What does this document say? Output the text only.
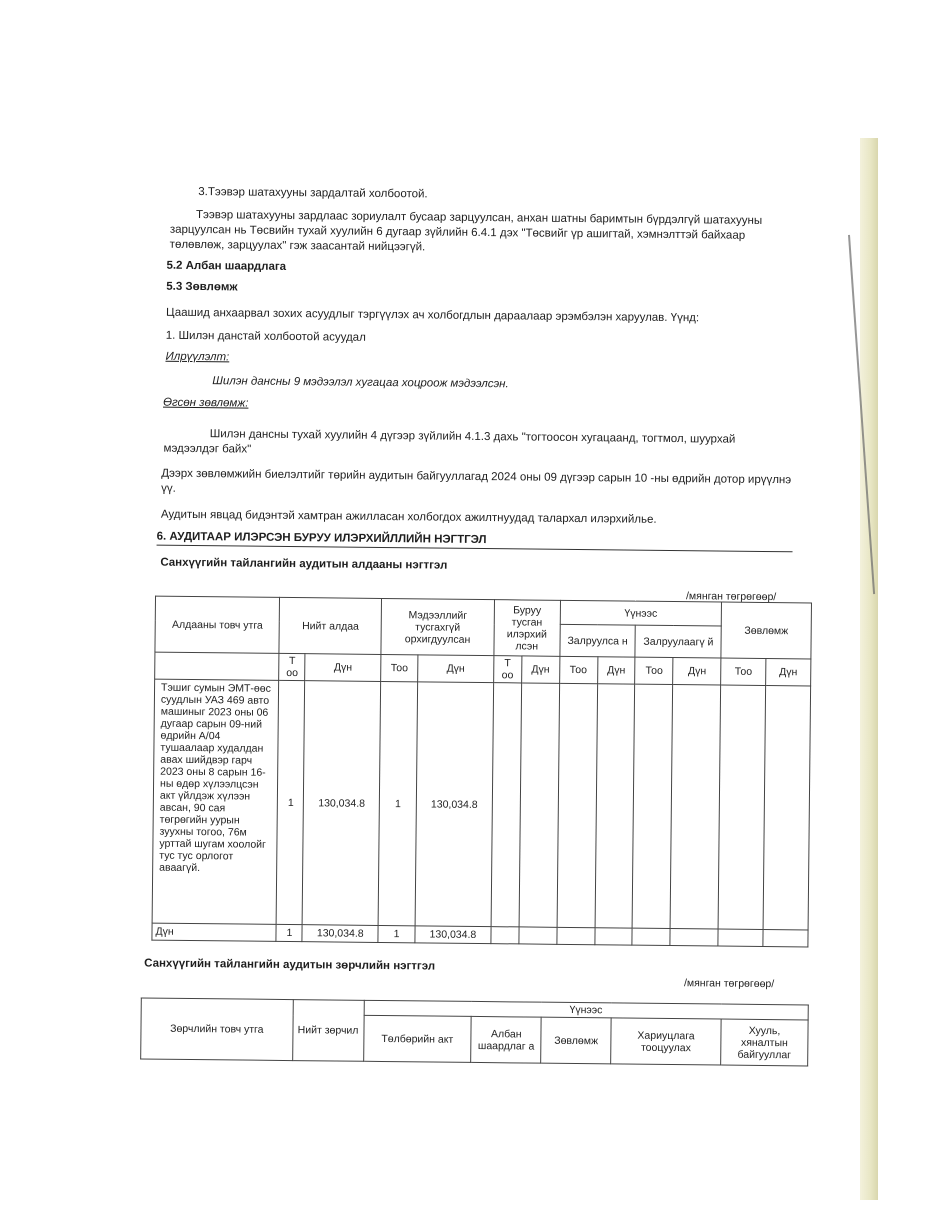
3.Тээвэр шатахууны зардалтай холбоотой.
Тээвэр шатахууны зардлаас зориулалт бусаар зарцуулсан, анхан шатны баримтын бүрдэлгүй шатахууны зарцуулсан нь Төсвийн тухай хуулийн 6 дугаар зүйлийн 6.4.1 дэх "Төсвийг үр ашигтай, хэмнэлттэй байхаар төлөвлөж, зарцуулах" гэж заасантай нийцээгүй.
5.2 Албан шаардлага
5.3 Зөвлөмж
Цаашид анхаарвал зохих асуудлыг тэргүүлэх ач холбогдлын дараалаар эрэмбэлэн харуулав. Үүнд:
1. Шилэн данстай холбоотой асуудал
Илрүүлэлт:
Шилэн дансны 9 мэдээлэл хугацаа хоцроож мэдээлсэн.
Өгсөн зөвлөмж:
Шилэн дансны тухай хуулийн 4 дүгээр зүйлийн 4.1.3 дахь "тогтоосон хугацаанд, тогтмол, шуурхай мэдээлдэг байх"
Дээрх зөвлөмжийн биелэлтийг төрийн аудитын байгууллагад 2024 оны 09 дүгээр сарын 10 -ны өдрийн дотор ирүүлнэ үү.
Аудитын явцад бидэнтэй хамтран ажилласан холбогдох ажилтнуудад талархал илэрхийлье.
6. АУДИТААР ИЛЭРСЭН БУРУУ ИЛЭРХИЙЛЛИЙН НЭГТГЭЛ
Санхүүгийн тайлангийн аудитын алдааны нэгтгэл
/мянган төгрөгөөр/
Алдааны товч утга	Нийт алдаа		Мэдээллийг тусгахгүй орхигдуулсан		Буруу тусган илэрхий лсэн		Үүнээс				Зөвлөмж	
							Залруулса н		Залруулаагү й			
	Т оо	Дүн	Тоо	Дүн	Т оо	Дүн	Тоо	Дүн	Тоо	Дүн	Тоо	Дүн
Тэшиг сумын ЭМТ-өөс суудлын УАЗ 469 авто машиныг 2023 оны 06 дугаар сарын 09-ний өдрийн А/04 тушаалаар худалдан авах шийдвэр гарч 2023 оны 8 сарын 16-ны өдөр хүлээлцсэн акт үйлдэж хүлээн авсан, 90 сая төгрөгийн уурын зуухны тогоо, 76м урттай шугам хоолойг тус тус орлогот аваагүй.	1	130,034.8	1	130,034.8								
Дүн	1	130,034.8	1	130,034.8								
Санхүүгийн тайлангийн аудитын зөрчлийн нэгтгэл
/мянган төгрөгөөр/
Зөрчлийн товч утга	Нийт зөрчил	Үүнээс				
		Төлбөрийн акт	Албан шаардлаг а	Зөвлөмж	Хариуцлага тооцуулах	Хууль, хяналтын байгууллаг
